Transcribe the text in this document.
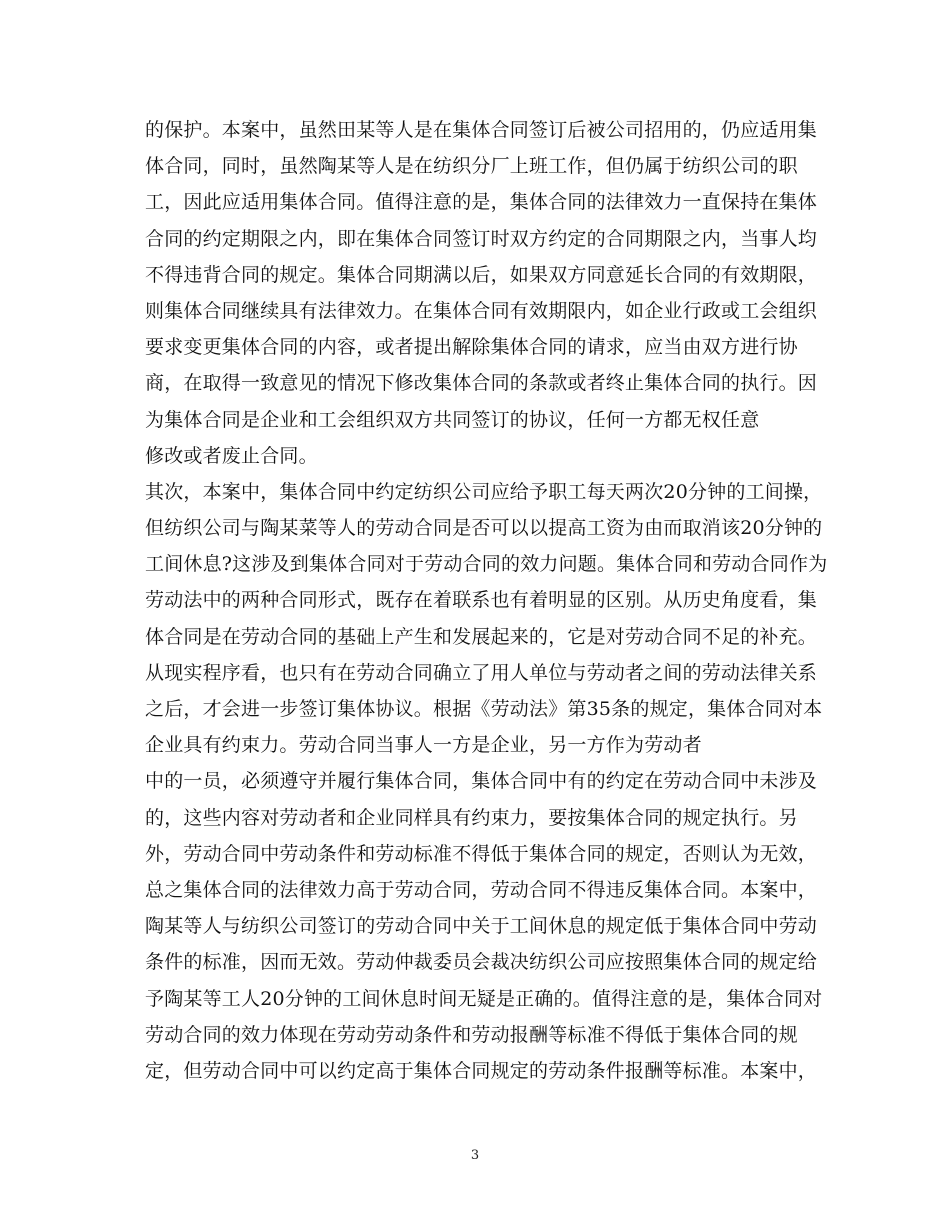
的保护。本案中，虽然田某等人是在集体合同签订后被公司招用的，仍应适用集
体合同，同时，虽然陶某等人是在纺织分厂上班工作，但仍属于纺织公司的职
工，因此应适用集体合同。值得注意的是，集体合同的法律效力一直保持在集体
合同的约定期限之内，即在集体合同签订时双方约定的合同期限之内，当事人均
不得违背合同的规定。集体合同期满以后，如果双方同意延长合同的有效期限，
则集体合同继续具有法律效力。在集体合同有效期限内，如企业行政或工会组织
要求变更集体合同的内容，或者提出解除集体合同的请求，应当由双方进行协
商，在取得一致意见的情况下修改集体合同的条款或者终止集体合同的执行。因
为集体合同是企业和工会组织双方共同签订的协议，任何一方都无权任意
修改或者废止合同。
其次，本案中，集体合同中约定纺织公司应给予职工每天两次20分钟的工间操，
但纺织公司与陶某菜等人的劳动合同是否可以以提高工资为由而取消该20分钟的
工间休息?这涉及到集体合同对于劳动合同的效力问题。集体合同和劳动合同作为
劳动法中的两种合同形式，既存在着联系也有着明显的区别。从历史角度看，集
体合同是在劳动合同的基础上产生和发展起来的，它是对劳动合同不足的补充。
从现实程序看，也只有在劳动合同确立了用人单位与劳动者之间的劳动法律关系
之后，才会进一步签订集体协议。根据《劳动法》第35条的规定，集体合同对本
企业具有约束力。劳动合同当事人一方是企业，另一方作为劳动者
中的一员，必须遵守并履行集体合同，集体合同中有的约定在劳动合同中未涉及
的，这些内容对劳动者和企业同样具有约束力，要按集体合同的规定执行。另
外，劳动合同中劳动条件和劳动标准不得低于集体合同的规定，否则认为无效，
总之集体合同的法律效力高于劳动合同，劳动合同不得违反集体合同。本案中，
陶某等人与纺织公司签订的劳动合同中关于工间休息的规定低于集体合同中劳动
条件的标准，因而无效。劳动仲裁委员会裁决纺织公司应按照集体合同的规定给
予陶某等工人20分钟的工间休息时间无疑是正确的。值得注意的是，集体合同对
劳动合同的效力体现在劳动劳动条件和劳动报酬等标准不得低于集体合同的规
定，但劳动合同中可以约定高于集体合同规定的劳动条件报酬等标准。本案中，
3
